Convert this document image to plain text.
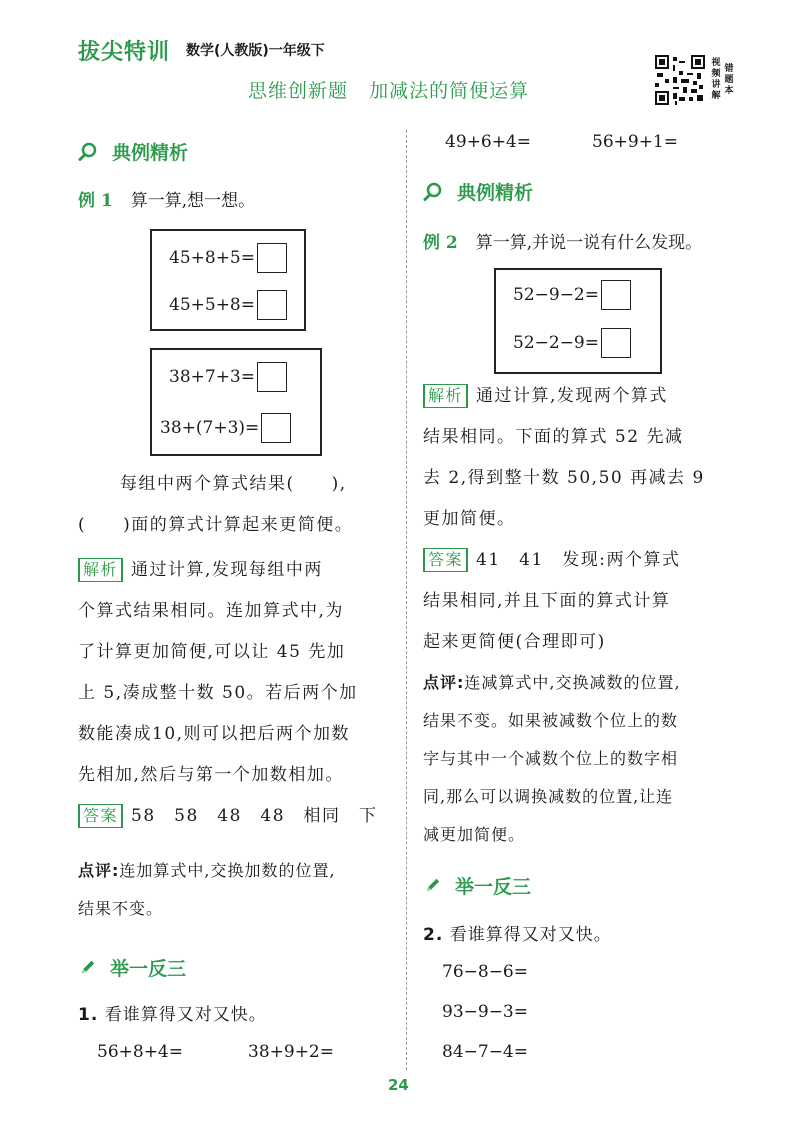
拔尖特训 数学(人教版)一年级下
思维创新题   加减法的简便运算
视频讲解
错题本
典例精析
例 1 算一算,想一想。
45+8+5=
45+5+8=
38+7+3=
38+(7+3)=
每组中两个算式结果(　　),
(　　)面的算式计算起来更简便。
解析 通过计算,发现每组中两
个算式结果相同。连加算式中,为
了计算更加简便,可以让 45 先加
上 5,凑成整十数 50。若后两个加
数能凑成10,则可以把后两个加数
先相加,然后与第一个加数相加。
答案 58　58　48　48　相同　下
点评:连加算式中,交换加数的位置,
结果不变。
举一反三
1. 看谁算得又对又快。
56+8+4=	38+9+2=
49+6+4=	56+9+1=
典例精析
例 2 算一算,并说一说有什么发现。
52−9−2=
52−2−9=
解析 通过计算,发现两个算式
结果相同。下面的算式 52 先减
去 2,得到整十数 50,50 再减去 9
更加简便。
答案 41　41　发现:两个算式
结果相同,并且下面的算式计算
起来更简便(合理即可)
点评:连减算式中,交换减数的位置,
结果不变。如果被减数个位上的数
字与其中一个减数个位上的数字相
同,那么可以调换减数的位置,让连
减更加简便。
举一反三
2. 看谁算得又对又快。
76−8−6=
93−9−3=
84−7−4=
24
